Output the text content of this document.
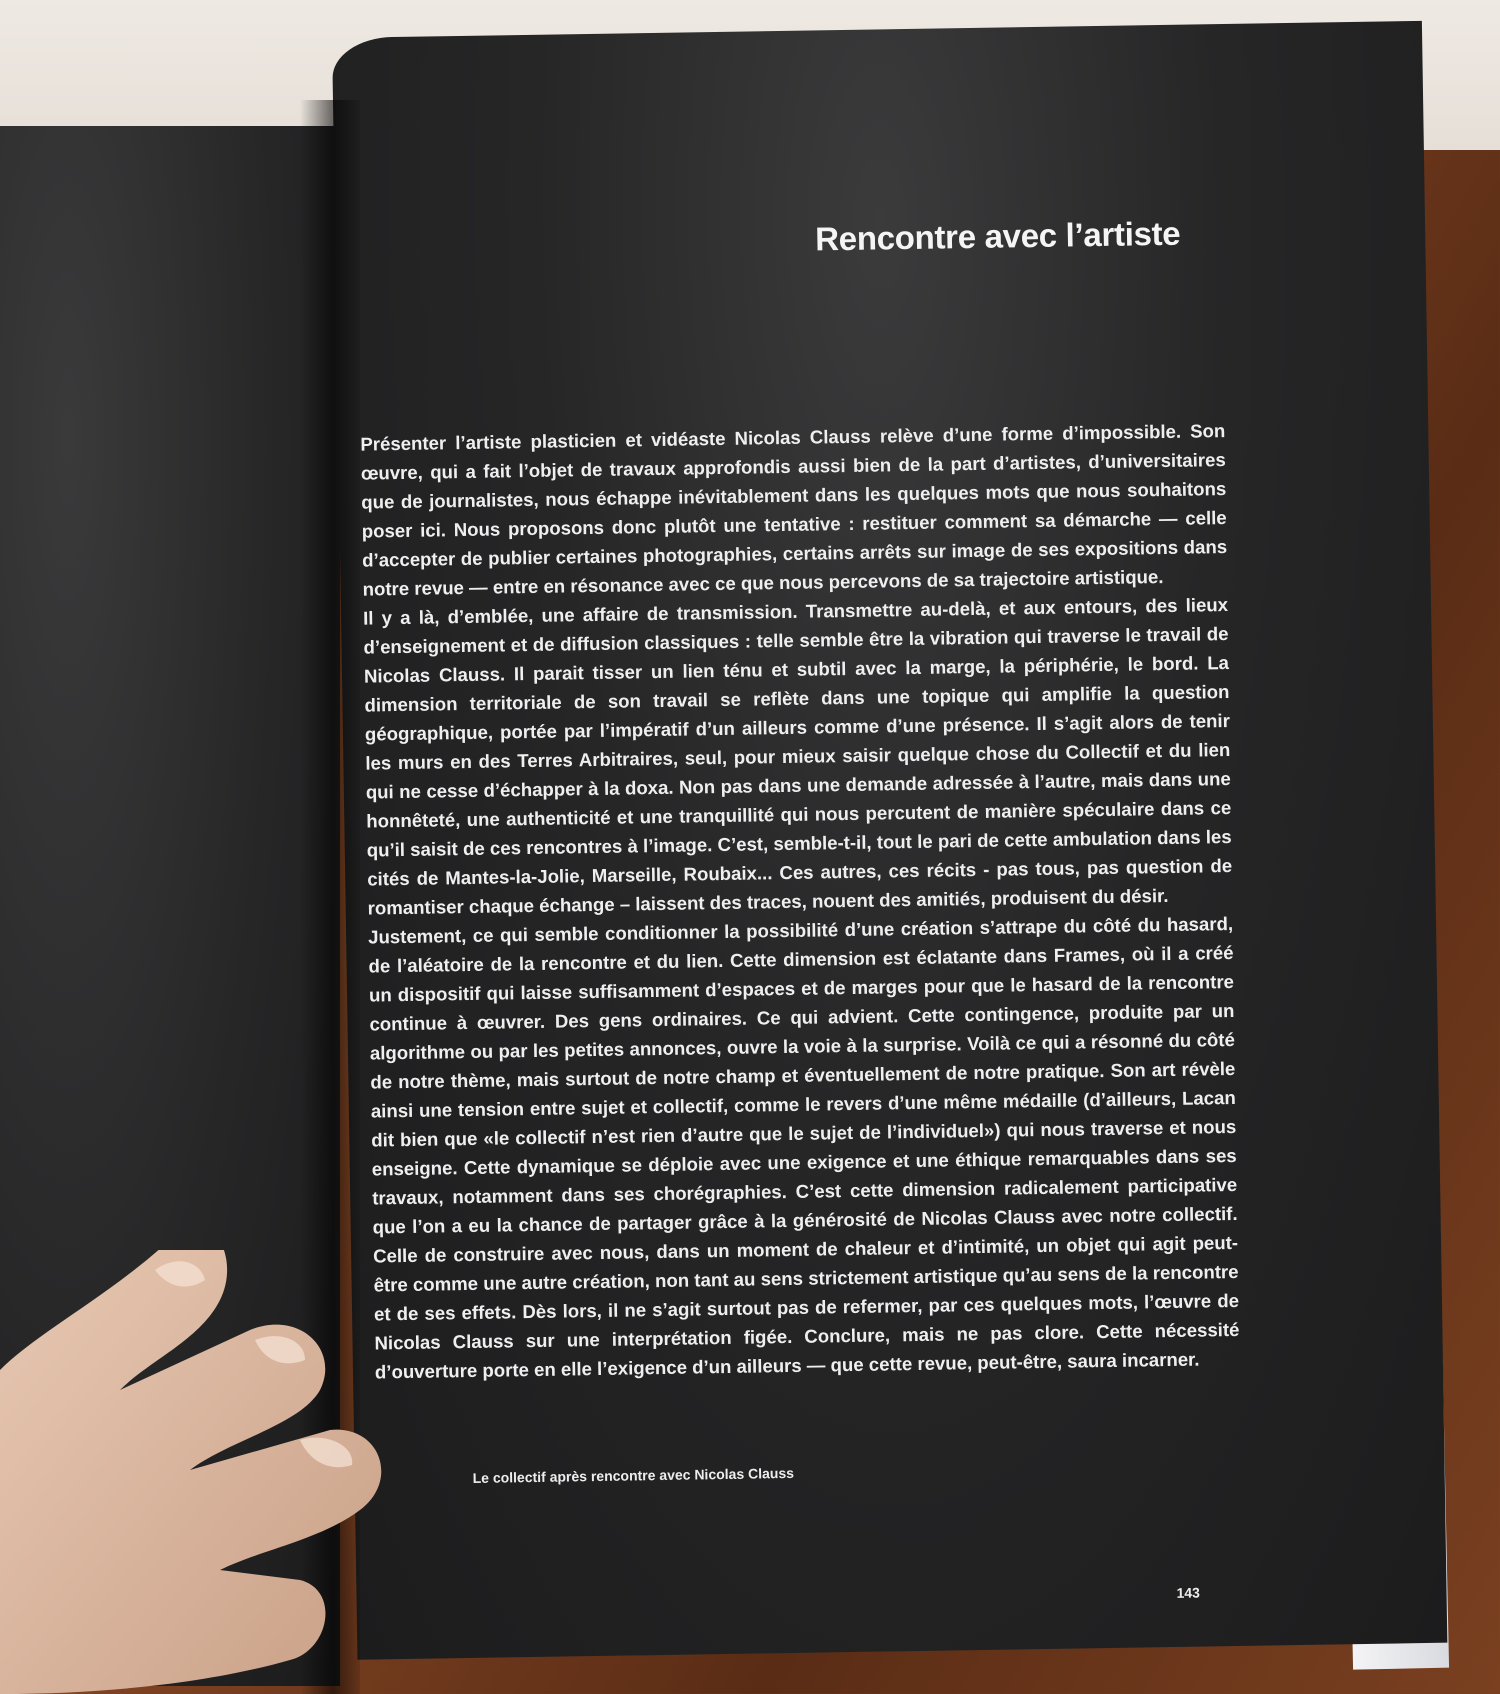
Rencontre avec l’artiste

Présenter l’artiste plasticien et vidéaste Nicolas Clauss relève d’une forme d’impossible. Son œuvre, qui a fait l’objet de travaux approfondis aussi bien de la part d’artistes, d’universitaires que de journalistes, nous échappe inévitablement dans les quelques mots que nous souhaitons poser ici. Nous proposons donc plutôt une tentative : restituer comment sa démarche — celle d’accepter de publier certaines photographies, certains arrêts sur image de ses expositions dans notre revue — entre en résonance avec ce que nous percevons de sa trajectoire artistique.

Il y a là, d’emblée, une affaire de transmission. Transmettre au-delà, et aux entours, des lieux d’enseignement et de diffusion classiques : telle semble être la vibration qui traverse le travail de Nicolas Clauss. Il parait tisser un lien ténu et subtil avec la marge, la périphérie, le bord. La dimension territoriale de son travail se reflète dans une topique qui amplifie la question géographique, portée par l’impératif d’un ailleurs comme d’une présence. Il s’agit alors de tenir les murs en des Terres Arbitraires, seul, pour mieux saisir quelque chose du Collectif et du lien qui ne cesse d’échapper à la doxa. Non pas dans une demande adressée à l’autre, mais dans une honnêteté, une authenticité et une tranquillité qui nous percutent de manière spéculaire dans ce qu’il saisit de ces rencontres à l’image. C’est, semble-t-il, tout le pari de cette ambulation dans les cités de Mantes-la-Jolie, Marseille, Roubaix... Ces autres, ces récits - pas tous, pas question de romantiser chaque échange – laissent des traces, nouent des amitiés, produisent du désir.

Justement, ce qui semble conditionner la possibilité d’une création s’attrape du côté du hasard, de l’aléatoire de la rencontre et du lien. Cette dimension est éclatante dans Frames, où il a créé un dispositif qui laisse suffisamment d’espaces et de marges pour que le hasard de la rencontre continue à œuvrer. Des gens ordinaires. Ce qui advient. Cette contingence, produite par un algorithme ou par les petites annonces, ouvre la voie à la surprise. Voilà ce qui a résonné du côté de notre thème, mais surtout de notre champ et éventuellement de notre pratique. Son art révèle ainsi une tension entre sujet et collectif, comme le revers d’une même médaille (d’ailleurs, Lacan dit bien que «le collectif n’est rien d’autre que le sujet de l’individuel») qui nous traverse et nous enseigne. Cette dynamique se déploie avec une exigence et une éthique remarquables dans ses travaux, notamment dans ses chorégraphies. C’est cette dimension radicalement participative que l’on a eu la chance de partager grâce à la générosité de Nicolas Clauss avec notre collectif. Celle de construire avec nous, dans un moment de chaleur et d’intimité, un objet qui agit peut-être comme une autre création, non tant au sens strictement artistique qu’au sens de la rencontre et de ses effets. Dès lors, il ne s’agit surtout pas de refermer, par ces quelques mots, l’œuvre de Nicolas Clauss sur une interprétation figée. Conclure, mais ne pas clore. Cette nécessité d’ouverture porte en elle l’exigence d’un ailleurs — que cette revue, peut-être, saura incarner.

Le collectif après rencontre avec Nicolas Clauss
143
